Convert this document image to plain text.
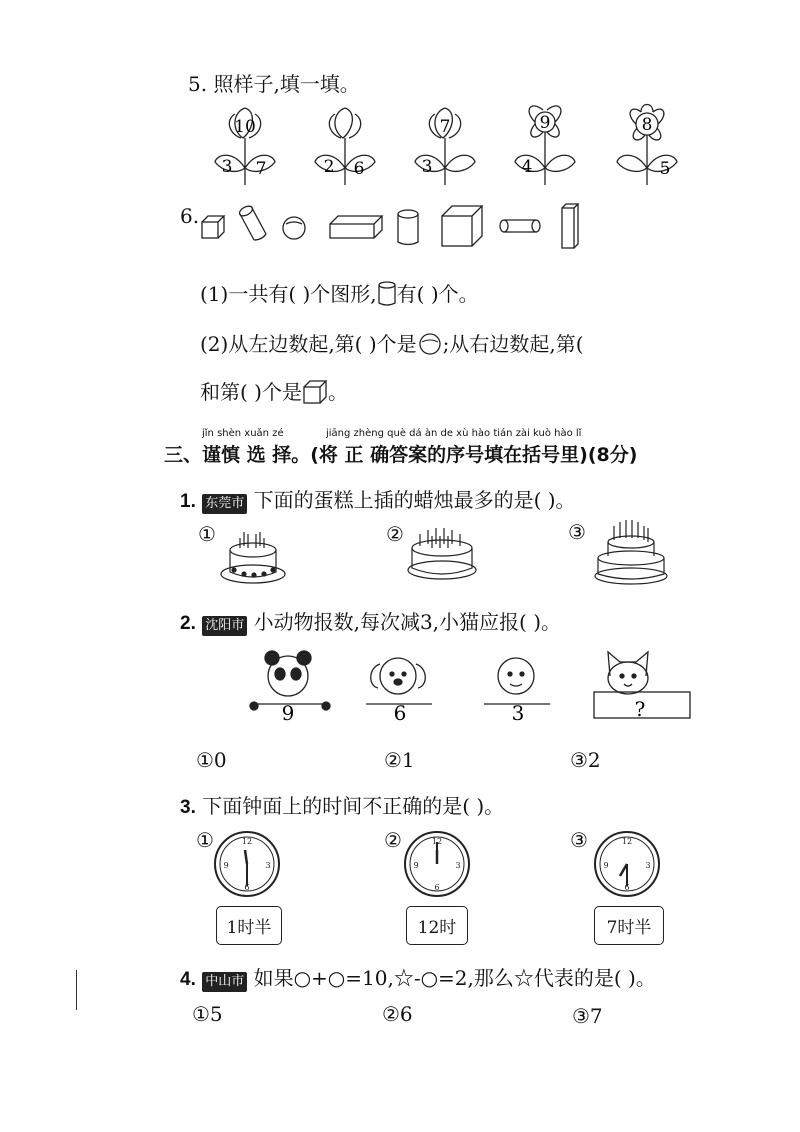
5. 照样子,填一填。
10
3 7	2 6
7
3
9
4
8
5
6.
(1)一共有( )个图形, 有( )个。
(2)从左边数起,第( )个是 ;从右边数起,第(
和第( )个是 。
jǐn shèn xuǎn zé	jiāng zhèng què dá àn de xù hào tián zài kuò hào lǐ
三、谨慎 选 择。(将 正 确答案的序号填在括号里)(8分)
1. 东莞市 下面的蛋糕上插的蜡烛最多的是( )。
①	②	③
2. 沈阳市 小动物报数,每次减3,小猫应报( )。
9	6	3	?
①0	②1	③2
3. 下面钟面上的时间不正确的是( )。
①	②	③
12
3
6
9
12
3
6
9
12
3
6
9
1时半	12时	7时半
4. 中山市 如果○+○=10,☆-○=2,那么☆代表的是( )。
①5	②6	③7
